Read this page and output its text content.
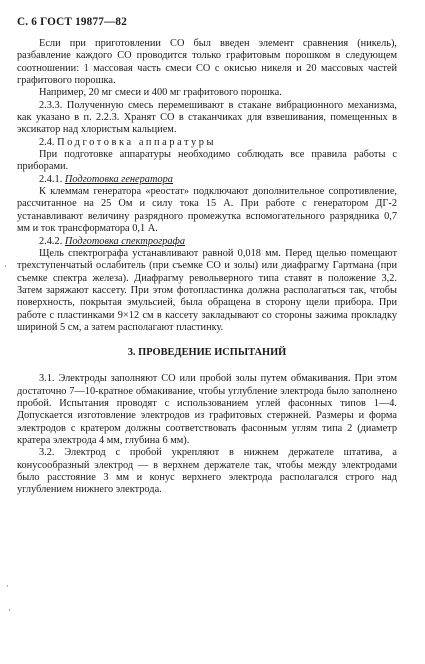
С. 6 ГОСТ 19877—82

Если при приготовлении СО был введен элемент сравнения (никель), разбавление каждого СО проводится только графитовым порошком в следующем соотношении: 1 массовая часть смеси СО с окисью никеля и 20 массовых частей графитового порошка.

Например, 20 мг смеси и 400 мг графитового порошка.

2.3.3. Полученную смесь перемешивают в стакане вибрационного механизма, как указано в п. 2.2.3. Хранят СО в стаканчиках для взвешивания, помещенных в эксикатор над хлористым кальцием.

2.4. Подготовка аппаратуры

При подготовке аппаратуры необходимо соблюдать все правила работы с приборами.

2.4.1. Подготовка генератора

К клеммам генератора «реостат» подключают дополнительное сопротивление, рассчитанное на 25 Ом и силу тока 15 А. При работе с генератором ДГ-2 устанавливают величину разрядного промежутка вспомогательного разрядника 0,7 мм и ток трансформатора 0,1 А.

2.4.2. Подготовка спектрографа

Щель спектрографа устанавливают равной 0,018 мм. Перед щелью помещают трехступенчатый ослабитель (при съемке СО и золы) или диафрагму Гартмана (при съемке спектра железа). Диафрагму револьверного типа ставят в положение 3,2. Затем заряжают кассету. При этом фотопластинка должна располагаться так, чтобы поверхность, покрытая эмульсией, была обращена в сторону щели прибора. При работе с пластинками 9×12 см в кассету закладывают со стороны зажима прокладку шириной 5 см, а затем располагают пластинку.

3. ПРОВЕДЕНИЕ ИСПЫТАНИЙ

3.1. Электроды заполняют СО или пробой золы путем обмакивания. При этом достаточно 7—10-кратное обмакивание, чтобы углубление электрода было заполнено пробой. Испытания проводят с использованием углей фасонных типов 1—4. Допускается изготовление электродов из графитовых стержней. Размеры и форма электродов с кратером должны соответствовать фасонным углям типа 2 (диаметр кратера электрода 4 мм, глубина 6 мм).

3.2. Электрод с пробой укрепляют в нижнем держателе штатива, а конусообразный электрод — в верхнем держателе так, чтобы между электродами было расстояние 3 мм и конус верхнего электрода располагался строго над углублением нижнего электрода.

·
·
·
